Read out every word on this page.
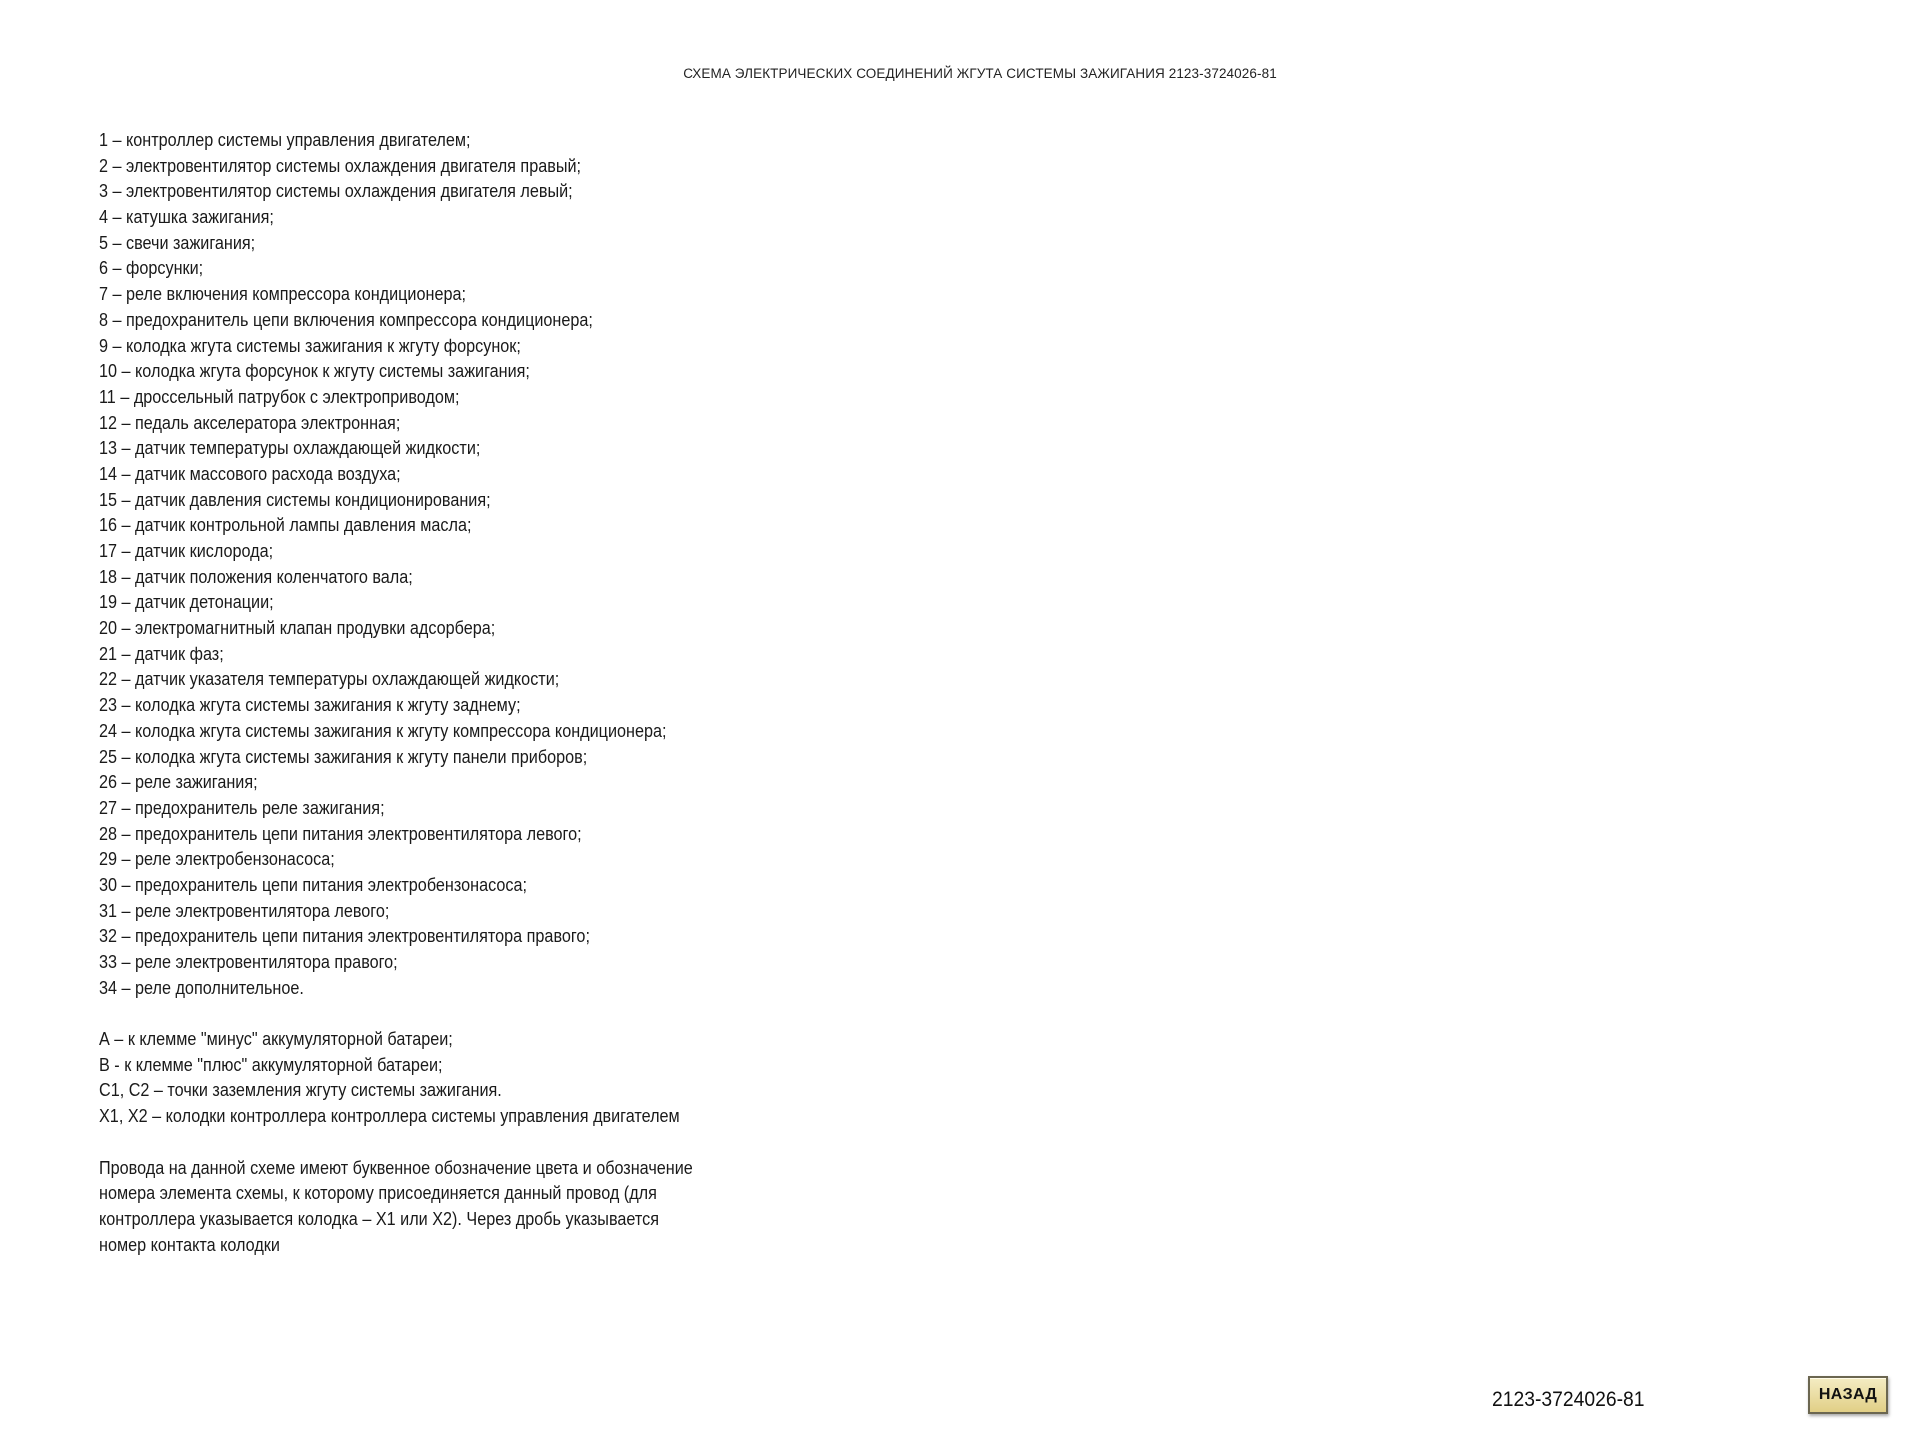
СХЕМА ЭЛЕКТРИЧЕСКИХ СОЕДИНЕНИЙ ЖГУТА СИСТЕМЫ ЗАЖИГАНИЯ 2123-3724026-81
1 – контроллер системы управления двигателем;
2 – электровентилятор системы охлаждения двигателя правый;
3 – электровентилятор системы охлаждения двигателя левый;
4 – катушка зажигания;
5 – свечи зажигания;
6 – форсунки;
7 – реле включения компрессора кондиционера;
8 – предохранитель цепи включения компрессора кондиционера;
9 – колодка жгута системы зажигания к жгуту форсунок;
10 – колодка жгута форсунок к жгуту системы зажигания;
11 – дроссельный патрубок с электроприводом;
12 – педаль акселератора электронная;
13 – датчик температуры охлаждающей жидкости;
14 – датчик массового расхода воздуха;
15 – датчик давления системы кондиционирования;
16 – датчик контрольной лампы давления масла;
17 – датчик кислорода;
18 – датчик положения коленчатого вала;
19 – датчик детонации;
20 – электромагнитный клапан продувки адсорбера;
21 – датчик фаз;
22 – датчик указателя температуры охлаждающей жидкости;
23 – колодка жгута системы зажигания к жгуту заднему;
24 – колодка жгута системы зажигания к жгуту компрессора кондиционера;
25 – колодка жгута системы зажигания к жгуту панели приборов;
26 – реле зажигания;
27 – предохранитель реле зажигания;
28 – предохранитель цепи питания электровентилятора левого;
29 – реле электробензонасоса;
30 – предохранитель цепи питания электробензонасоса;
31 – реле электровентилятора левого;
32 – предохранитель цепи питания электровентилятора правого;
33 – реле электровентилятора правого;
34 – реле дополнительное.
А – к клемме "минус" аккумуляторной батареи;
В - к клемме "плюс" аккумуляторной батареи;
С1, С2 – точки заземления жгуту системы зажигания.
X1, X2 – колодки контроллера контроллера системы управления двигателем
Провода на данной схеме имеют буквенное обозначение цвета и обозначение
номера элемента схемы, к которому присоединяется данный провод (для
контроллера указывается колодка – X1 или X2). Через дробь указывается
номер контакта колодки
2123-3724026-81	НАЗАД
